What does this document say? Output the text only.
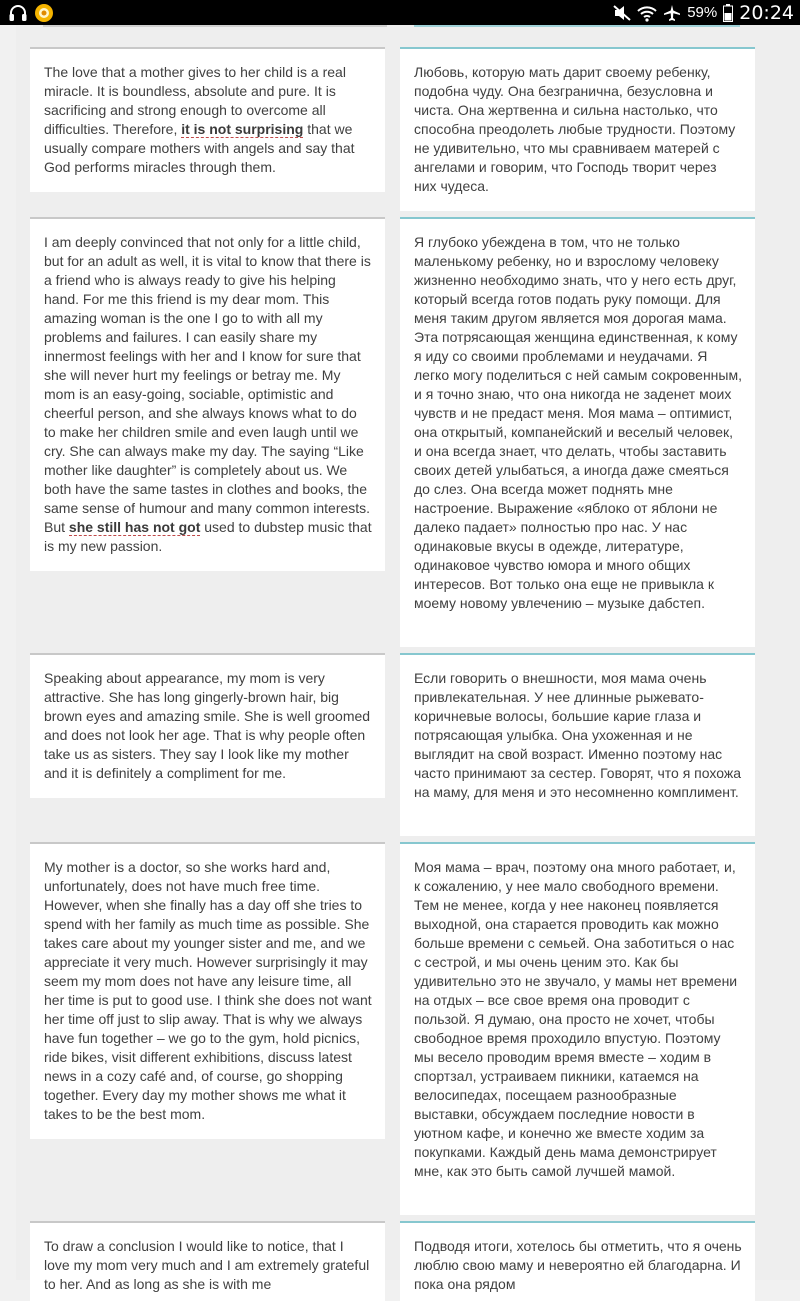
59% 20:24

The love that a mother gives to her child is a real miracle. It is boundless, absolute and pure. It is sacrificing and strong enough to overcome all difficulties. Therefore, it is not surprising that we usually compare mothers with angels and say that God performs miracles through them.

Любовь, которую мать дарит своему ребенку, подобна чуду. Она безгранична, безусловна и чиста. Она жертвенна и сильна настолько, что способна преодолеть любые трудности. Поэтому не удивительно, что мы сравниваем матерей с ангелами и говорим, что Господь творит через них чудеса.

I am deeply convinced that not only for a little child, but for an adult as well, it is vital to know that there is a friend who is always ready to give his helping hand. For me this friend is my dear mom. This amazing woman is the one I go to with all my problems and failures. I can easily share my innermost feelings with her and I know for sure that she will never hurt my feelings or betray me. My mom is an easy-going, sociable, optimistic and cheerful person, and she always knows what to do to make her children smile and even laugh until we cry. She can always make my day. The saying “Like mother like daughter” is completely about us. We both have the same tastes in clothes and books, the same sense of humour and many common interests. But she still has not got used to dubstep music that is my new passion.

Я глубоко убеждена в том, что не только маленькому ребенку, но и взрослому человеку жизненно необходимо знать, что у него есть друг, который всегда готов подать руку помощи. Для меня таким другом является моя дорогая мама. Эта потрясающая женщина единственная, к кому я иду со своими проблемами и неудачами. Я легко могу поделиться с ней самым сокровенным, и я точно знаю, что она никогда не заденет моих чувств и не предаст меня. Моя мама – оптимист, она открытый, компанейский и веселый человек, и она всегда знает, что делать, чтобы заставить своих детей улыбаться, а иногда даже смеяться до слез. Она всегда может поднять мне настроение. Выражение «яблоко от яблони не далеко падает» полностью про нас. У нас одинаковые вкусы в одежде, литературе, одинаковое чувство юмора и много общих интересов. Вот только она еще не привыкла к моему новому увлечению – музыке дабстеп.

Speaking about appearance, my mom is very attractive. She has long gingerly-brown hair, big brown eyes and amazing smile. She is well groomed and does not look her age. That is why people often take us as sisters. They say I look like my mother and it is definitely a compliment for me.

Если говорить о внешности, моя мама очень привлекательная. У нее длинные рыжевато-коричневые волосы, большие карие глаза и потрясающая улыбка. Она ухоженная и не выглядит на свой возраст. Именно поэтому нас часто принимают за сестер. Говорят, что я похожа на маму, для меня и это несомненно комплимент.

My mother is a doctor, so she works hard and, unfortunately, does not have much free time. However, when she finally has a day off she tries to spend with her family as much time as possible. She takes care about my younger sister and me, and we appreciate it very much. However surprisingly it may seem my mom does not have any leisure time, all her time is put to good use. I think she does not want her time off just to slip away. That is why we always have fun together – we go to the gym, hold picnics, ride bikes, visit different exhibitions, discuss latest news in a cozy café and, of course, go shopping together. Every day my mother shows me what it takes to be the best mom.

Моя мама – врач, поэтому она много работает, и, к сожалению, у нее мало свободного времени. Тем не менее, когда у нее наконец появляется выходной, она старается проводить как можно больше времени с семьей. Она заботиться о нас с сестрой, и мы очень ценим это. Как бы удивительно это не звучало, у мамы нет времени на отдых – все свое время она проводит с пользой. Я думаю, она просто не хочет, чтобы свободное время проходило впустую. Поэтому мы весело проводим время вместе – ходим в спортзал, устраиваем пикники, катаемся на велосипедах, посещаем разнообразные выставки, обсуждаем последние новости в уютном кафе, и конечно же вместе ходим за покупками. Каждый день мама демонстрирует мне, как это быть самой лучшей мамой.

To draw a conclusion I would like to notice, that I love my mom very much and I am extremely grateful to her. And as long as she is with me

Подводя итоги, хотелось бы отметить, что я очень люблю свою маму и невероятно ей благодарна. И пока она рядом
